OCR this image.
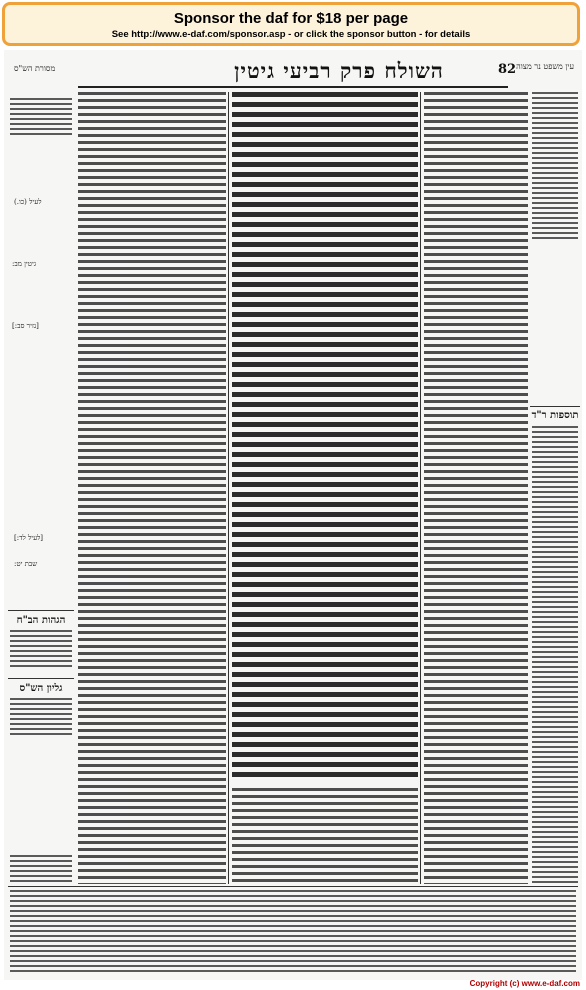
Sponsor the daf for $18 per page
See http://www.e-daf.com/sponsor.asp - or click the sponsor button - for details
עין משפט נר מצוה
מסורת הש"ס	השולח פרק רביעי גיטין	82
לעיל (כו.)
גיטין מב:
[נזיר סב:]
[לעיל לד:]
שבת יט:
הגהות הב"ח
גליון הש"ס
תוספות ר"ד
Copyright (c) www.e-daf.com
